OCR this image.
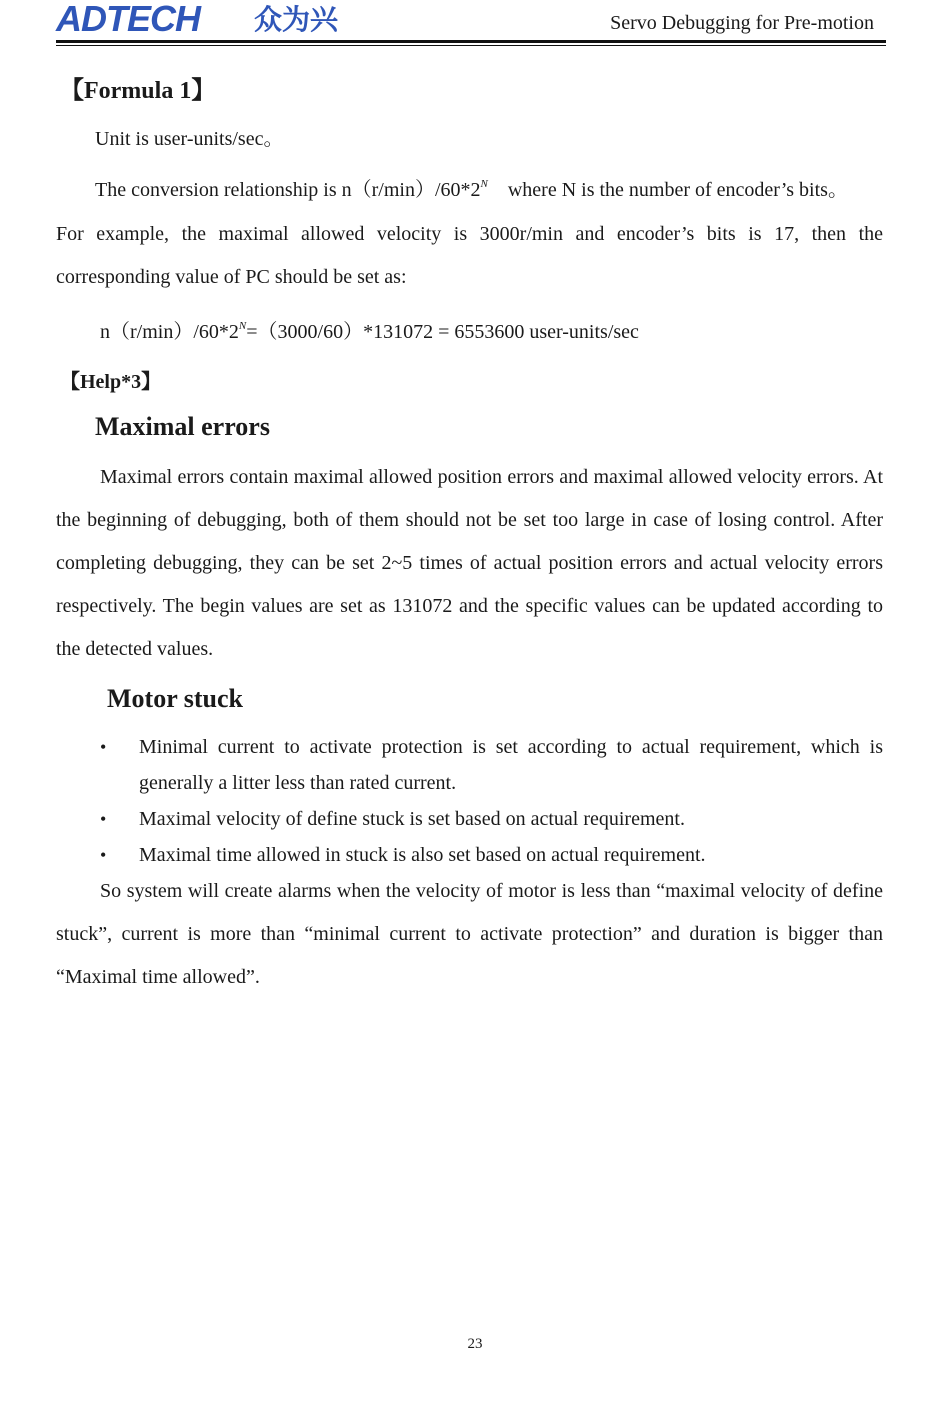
ADTECH 众为兴	Servo Debugging for Pre-motion
【Formula 1】
Unit is user-units/sec。
The conversion relationship is $n(r/\min)/60*2^N$ where N is the number of encoder’s bits。
For example, the maximal allowed velocity is 3000r/min and encoder’s bits is 17, then the corresponding value of PC should be set as:
$n(r/\min)/60*2^N=(3000/60)*131072 = 6553600$ user-units/sec
【Help*3】
Maximal errors
Maximal errors contain maximal allowed position errors and maximal allowed velocity errors. At the beginning of debugging, both of them should not be set too large in case of losing control. After completing debugging, they can be set 2~5 times of actual position errors and actual velocity errors respectively. The begin values are set as 131072 and the specific values can be updated according to the detected values.
Motor stuck
• Minimal current to activate protection is set according to actual requirement, which is generally a litter less than rated current.
• Maximal velocity of define stuck is set based on actual requirement.
• Maximal time allowed in stuck is also set based on actual requirement.
So system will create alarms when the velocity of motor is less than “maximal velocity of define stuck”, current is more than “minimal current to activate protection” and duration is bigger than “Maximal time allowed”.
23
